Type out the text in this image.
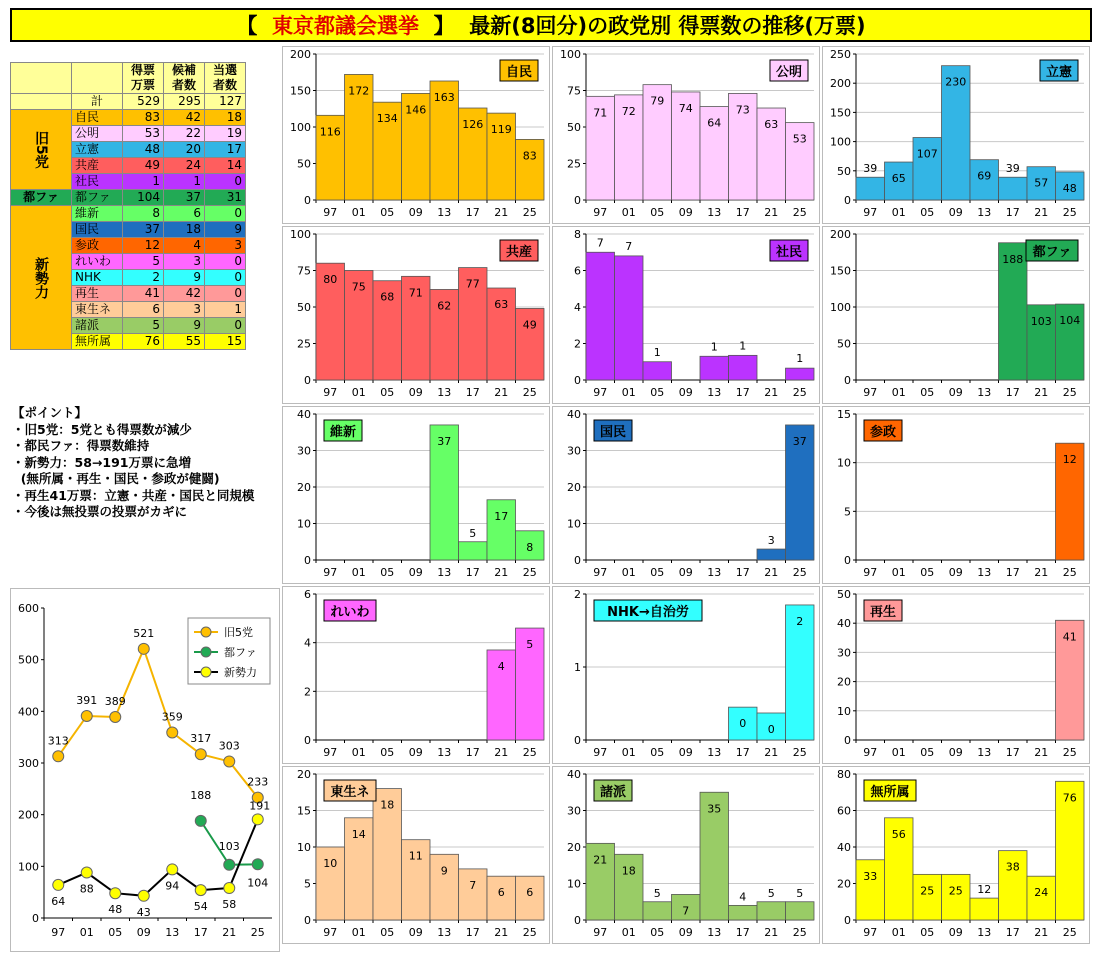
【
東京都議会選挙
】
最新(8回分)の政党別 得票数の推移(万票)

		得票万票	候補者数	当選者数

	計	529	295	127

旧5党	自民	83	42	18
	公明	53	22	19
	立憲	48	20	17
	共産	49	24	14
	社民	1	1	0

都ファ	都ファ	104	37	31

新勢力	維新	8	6	0
	国民	37	18	9
	参政	12	4	3
	れいわ	5	3	0
	NHK	2	9	0
	再生	41	42	0
	東生ネ	6	3	1
	諸派	5	9	0
	無所属	76	55	15
【ポイント】
・旧5党：5党とも得票数が減少
・都民ファ：得票数維持
・新勢力：58→191万票に急増
(無所属・再生・国民・参政が健闘)
・再生41万票：立憲・共産・国民と同規模
・今後は無投票の投票がカギに
0
100
200
300
400
500
600
97 01 05 09 13 17 21 25
313
391 389
521
359
317
303
233
188
103
104
64
88
48 43
94
54 58
191
旧5党
都ファ
新勢力
0
50
100
150
200
97
116
01
172
05
134
09
146
13
163
17
126
21
119
25
83
自民
0
25
50
75
100
97
71
01
72
05
79
09
74
13
64
17
73
21
63
25
53
公明
0
50
100
150
200
250
97
39
01
65
05
107
09
230
13
69
17
39
21
57
25
48
立憲
0
25
50
75
100
97
80
01
75
05
68
09
71
13
62
17
77
21
63
25
49
共産
0
2
4
6
8
97
7
01
7
05
1
09 13
1
17
1
21 25
1
社民
0
50
100
150
200
97 01 05 09 13 17
188
21
103
25
104
都ファ
0
10
20
30
40
97 01 05 09 13
37
17
5
21
17
25
8
維新
0
10
20
30
40
97 01 05 09 13 17 21
3
25
37
国民
0
5
10
15
97 01 05 09 13 17 21 25
12
参政
0
2
4
6
97 01 05 09 13 17 21
4
25
5
れいわ
0
1
2
97 01 05 09 13 17
0
21
0
25
2
NHK→自治労
0
10
20
30
40
50
97 01 05 09 13 17 21 25
41
再生
0
5
10
15
20
97
10
01
14
05
18
09
11
13
9
17
7
21
6
25
6
東生ネ
0
10
20
30
40
97
21
01
18
05
5
09
7
13
35
17
4
21
5
25
5
諸派
0
20
40
60
80
97
33
01
56
05
25
09
25
13
12
17
38
21
24
25
76
無所属
